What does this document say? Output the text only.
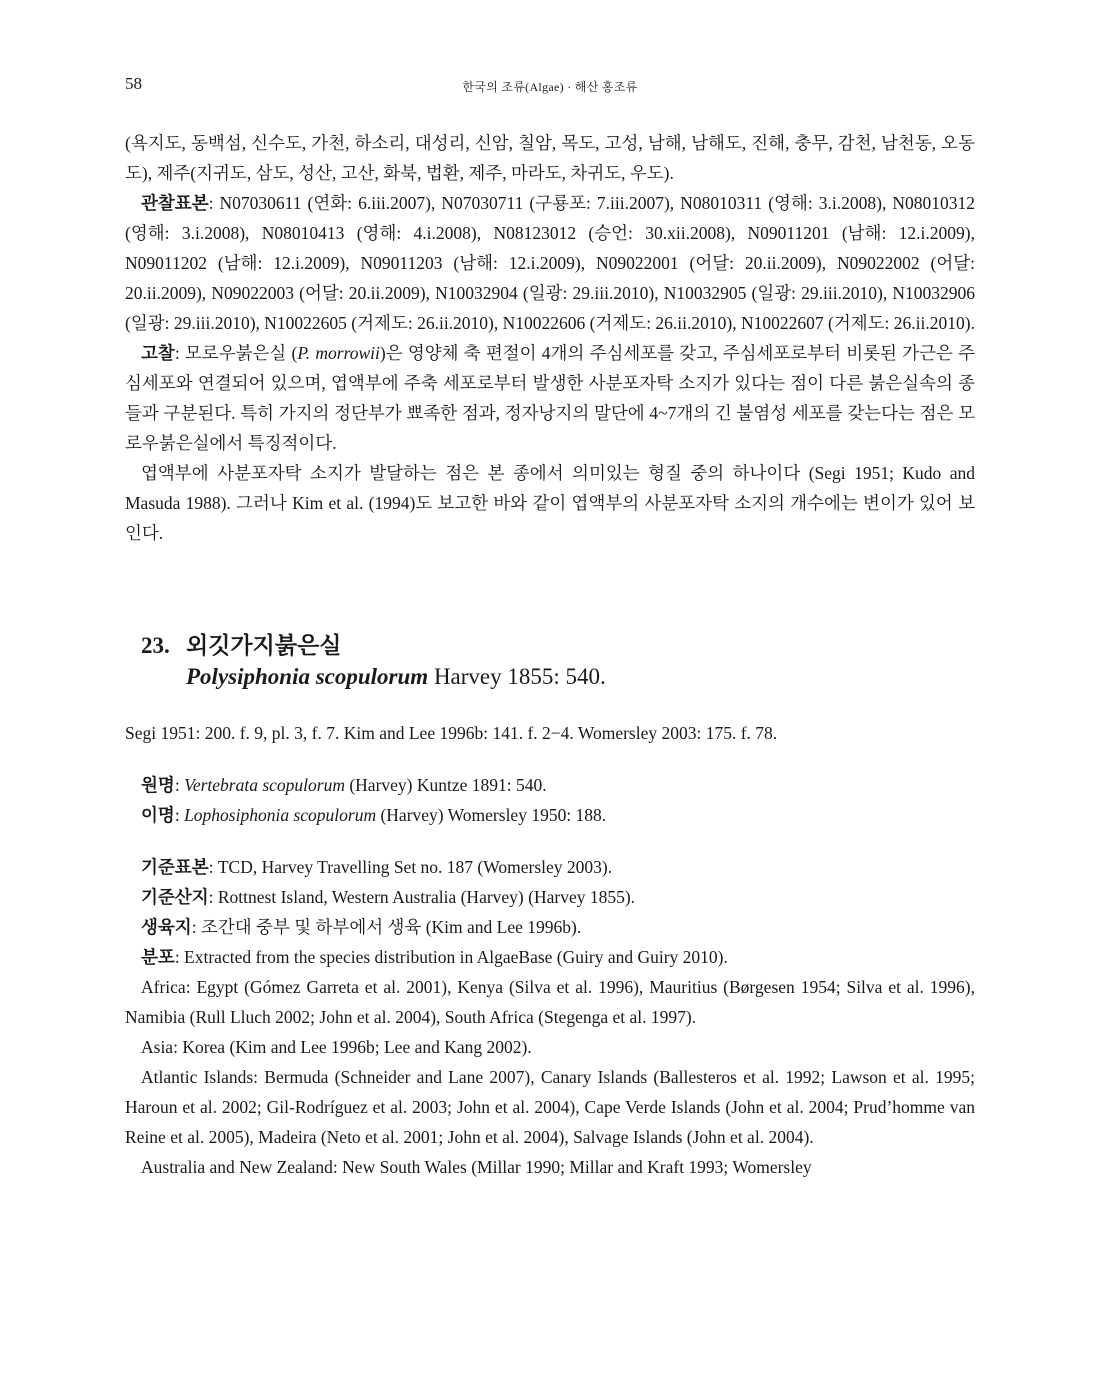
58	한국의 조류(Algae) · 해산 홍조류

(욕지도, 동백섬, 신수도, 가천, 하소리, 대성리, 신암, 칠암, 목도, 고성, 남해, 남해도, 진해, 충무, 감천, 남천동, 오동도), 제주(지귀도, 삼도, 성산, 고산, 화북, 법환, 제주, 마라도, 차귀도, 우도).

관찰표본: N07030611 (연화: 6.iii.2007), N07030711 (구룡포: 7.iii.2007), N08010311 (영해: 3.i.2008), N08010312 (영해: 3.i.2008), N08010413 (영해: 4.i.2008), N08123012 (승언: 30.xii.2008), N09011201 (남해: 12.i.2009), N09011202 (남해: 12.i.2009), N09011203 (남해: 12.i.2009), N09022001 (어달: 20.ii.2009), N09022002 (어달: 20.ii.2009), N09022003 (어달: 20.ii.2009), N10032904 (일광: 29.iii.2010), N10032905 (일광: 29.iii.2010), N10032906 (일광: 29.iii.2010), N10022605 (거제도: 26.ii.2010), N10022606 (거제도: 26.ii.2010), N10022607 (거제도: 26.ii.2010).

고찰: 모로우붉은실 (P. morrowii)은 영양체 축 편절이 4개의 주심세포를 갖고, 주심세포로부터 비롯된 가근은 주심세포와 연결되어 있으며, 엽액부에 주축 세포로부터 발생한 사분포자탁 소지가 있다는 점이 다른 붉은실속의 종들과 구분된다. 특히 가지의 정단부가 뾰족한 점과, 정자낭지의 말단에 4~7개의 긴 불염성 세포를 갖는다는 점은 모로우붉은실에서 특징적이다.

엽액부에 사분포자탁 소지가 발달하는 점은 본 종에서 의미있는 형질 중의 하나이다 (Segi 1951; Kudo and Masuda 1988). 그러나 Kim et al. (1994)도 보고한 바와 같이 엽액부의 사분포자탁 소지의 개수에는 변이가 있어 보인다.

23. 외깃가지붉은실
Polysiphonia scopulorum Harvey 1855: 540.

Segi 1951: 200. f. 9, pl. 3, f. 7. Kim and Lee 1996b: 141. f. 2−4. Womersley 2003: 175. f. 78.

원명: Vertebrata scopulorum (Harvey) Kuntze 1891: 540.

이명: Lophosiphonia scopulorum (Harvey) Womersley 1950: 188.

기준표본: TCD, Harvey Travelling Set no. 187 (Womersley 2003).

기준산지: Rottnest Island, Western Australia (Harvey) (Harvey 1855).

생육지: 조간대 중부 및 하부에서 생육 (Kim and Lee 1996b).

분포: Extracted from the species distribution in AlgaeBase (Guiry and Guiry 2010).

Africa: Egypt (Gómez Garreta et al. 2001), Kenya (Silva et al. 1996), Mauritius (Børgesen 1954; Silva et al. 1996), Namibia (Rull Lluch 2002; John et al. 2004), South Africa (Stegenga et al. 1997).

Asia: Korea (Kim and Lee 1996b; Lee and Kang 2002).

Atlantic Islands: Bermuda (Schneider and Lane 2007), Canary Islands (Ballesteros et al. 1992; Lawson et al. 1995; Haroun et al. 2002; Gil-Rodríguez et al. 2003; John et al. 2004), Cape Verde Islands (John et al. 2004; Prud’homme van Reine et al. 2005), Madeira (Neto et al. 2001; John et al. 2004), Salvage Islands (John et al. 2004).

Australia and New Zealand: New South Wales (Millar 1990; Millar and Kraft 1993; Womersley
